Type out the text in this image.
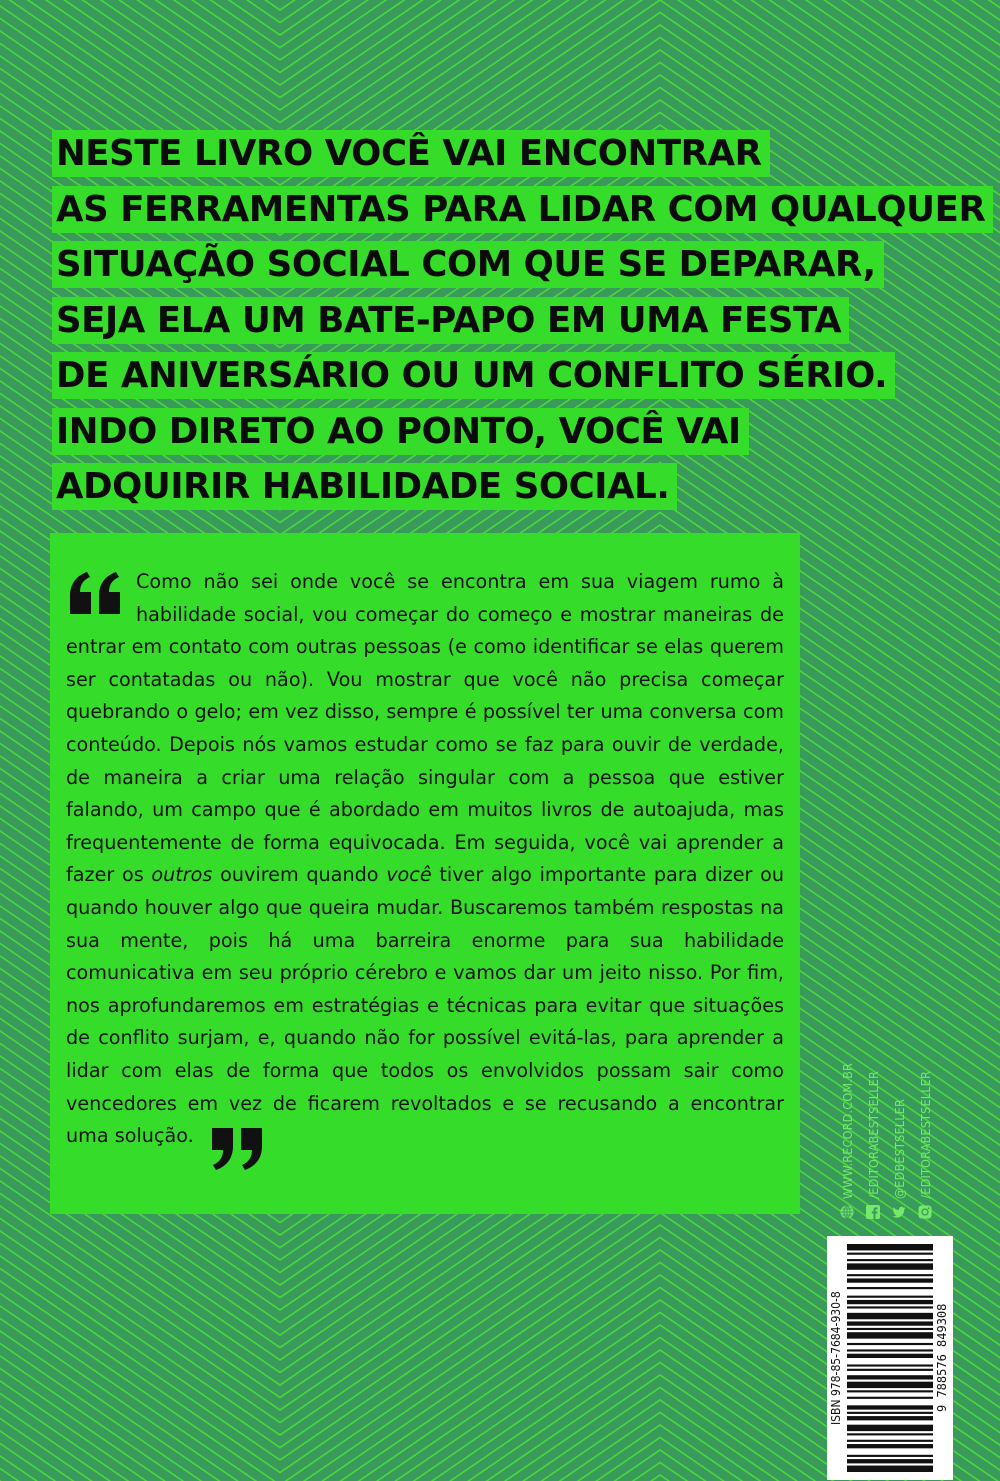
NESTE LIVRO VOCÊ VAI ENCONTRAR
AS FERRAMENTAS PARA LIDAR COM QUALQUER
SITUAÇÃO SOCIAL COM QUE SE DEPARAR,
SEJA ELA UM BATE-PAPO EM UMA FESTA
DE ANIVERSÁRIO OU UM CONFLITO SÉRIO.
INDO DIRETO AO PONTO, VOCÊ VAI
ADQUIRIR HABILIDADE SOCIAL.
Como não sei onde você se encontra em sua viagem rumo à habilidade social, vou começar do começo e mostrar maneiras de entrar em contato com outras pessoas (e como identificar se elas querem ser contatadas ou não). Vou mostrar que você não precisa começar quebrando o gelo; em vez disso, sempre é possível ter uma conversa com conteúdo. Depois nós vamos estudar como se faz para ouvir de verdade, de maneira a criar uma relação singular com a pessoa que estiver falando, um campo que é abordado em muitos livros de autoajuda, mas frequentemente de forma equivocada. Em seguida, você vai aprender a fazer os outros ouvirem quando você tiver algo importante para dizer ou quando houver algo que queira mudar. Buscaremos também respostas na sua mente, pois há uma barreira enorme para sua habilidade comunicativa em seu próprio cérebro e vamos dar um jeito nisso. Por fim, nos aprofundaremos em estratégias e técnicas para evitar que situações de conflito surjam, e, quando não for possível evitá-las, para aprender a lidar com elas de forma que todos os envolvidos possam sair como vencedores em vez de ficarem revoltados e se recusando a encontrar uma solução.	WWW.RECORD.COM.BR /EDITORABESTSELLER @EDBESTSELLER /EDITORABESTSELLER
ISBN 978-85-7684-930-8	9 788576 849308
